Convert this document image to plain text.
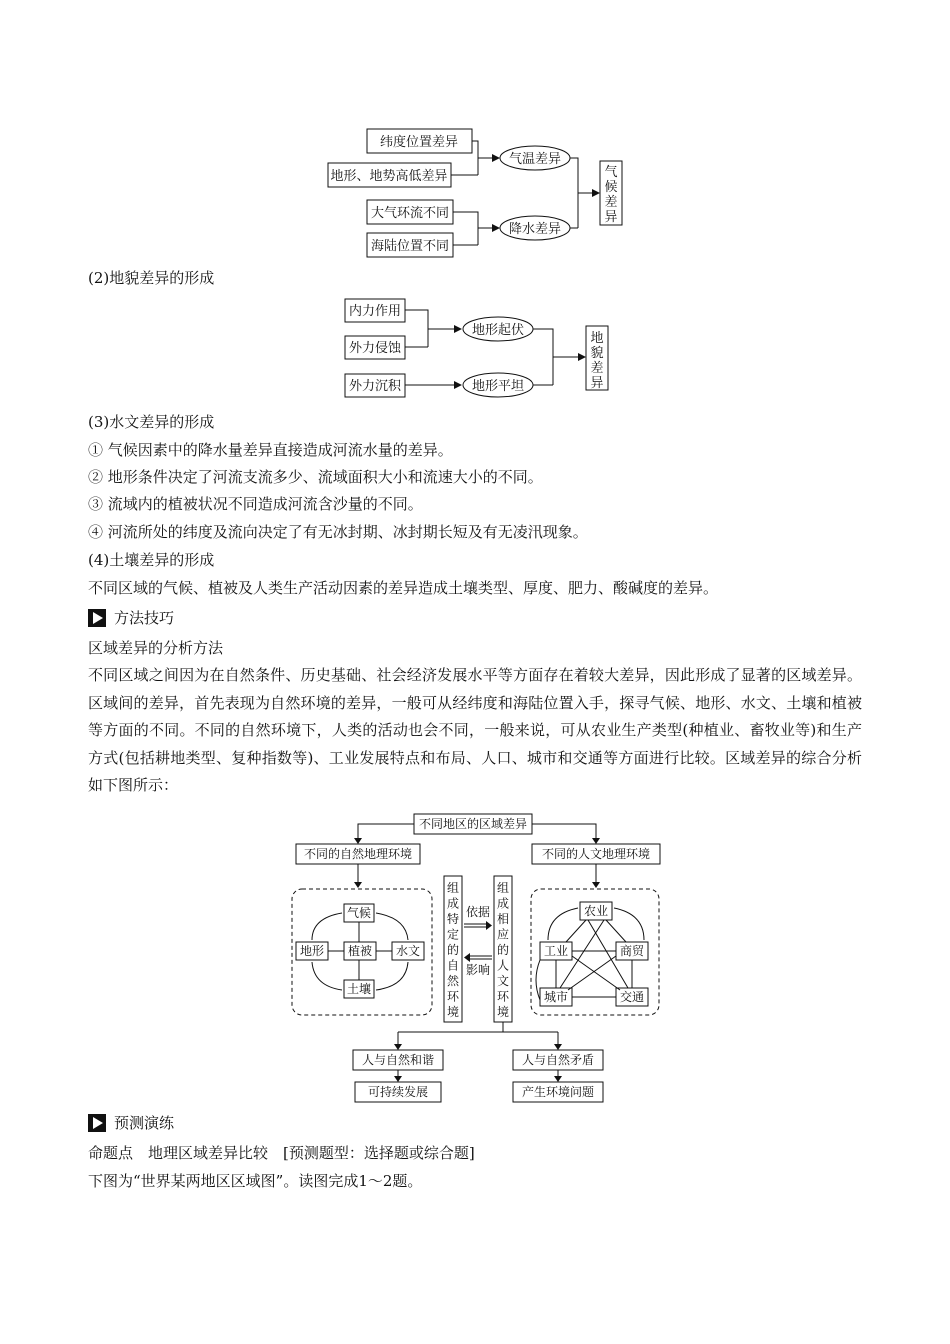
纬度位置差异
地形、地势高低差异
大气环流不同
海陆位置不同
气温差异
降水差异
气候差异
(2)地貌差异的形成
内力作用
外力侵蚀
外力沉积
地形起伏
地形平坦
地貌差异
(3)水文差异的形成
① 气候因素中的降水量差异直接造成河流水量的差异。
② 地形条件决定了河流支流多少、流域面积大小和流速大小的不同。
③ 流域内的植被状况不同造成河流含沙量的不同。
④ 河流所处的纬度及流向决定了有无冰封期、冰封期长短及有无凌汛现象。
(4)土壤差异的形成
不同区域的气候、植被及人类生产活动因素的差异造成土壤类型、厚度、肥力、酸碱度的差异。
方法技巧
区域差异的分析方法
不同区域之间因为在自然条件、历史基础、社会经济发展水平等方面存在着较大差异，因此形成了显著的区域差异。区域间的差异，首先表现为自然环境的差异，一般可从经纬度和海陆位置入手，探寻气候、地形、水文、土壤和植被等方面的不同。不同的自然环境下，人类的活动也会不同，一般来说，可从农业生产类型(种植业、畜牧业等)和生产方式(包括耕地类型、复种指数等)、工业发展特点和布局、人口、城市和交通等方面进行比较。区域差异的综合分析如下图所示：
不同地区的区域差异
不同的自然地理环境	不同的人文地理环境
气候
地形 植被 水文
土壤
组
成
特
定
的
自
然
环
境
组
成
相
应
的
人
文
环
境
依据
影响
农业
工业	商贸
城市	交通
人与自然和谐	人与自然矛盾
可持续发展	产生环境问题
预测演练
命题点　地理区域差异比较　[预测题型：选择题或综合题]
下图为“世界某两地区区域图”。读图完成1～2题。
